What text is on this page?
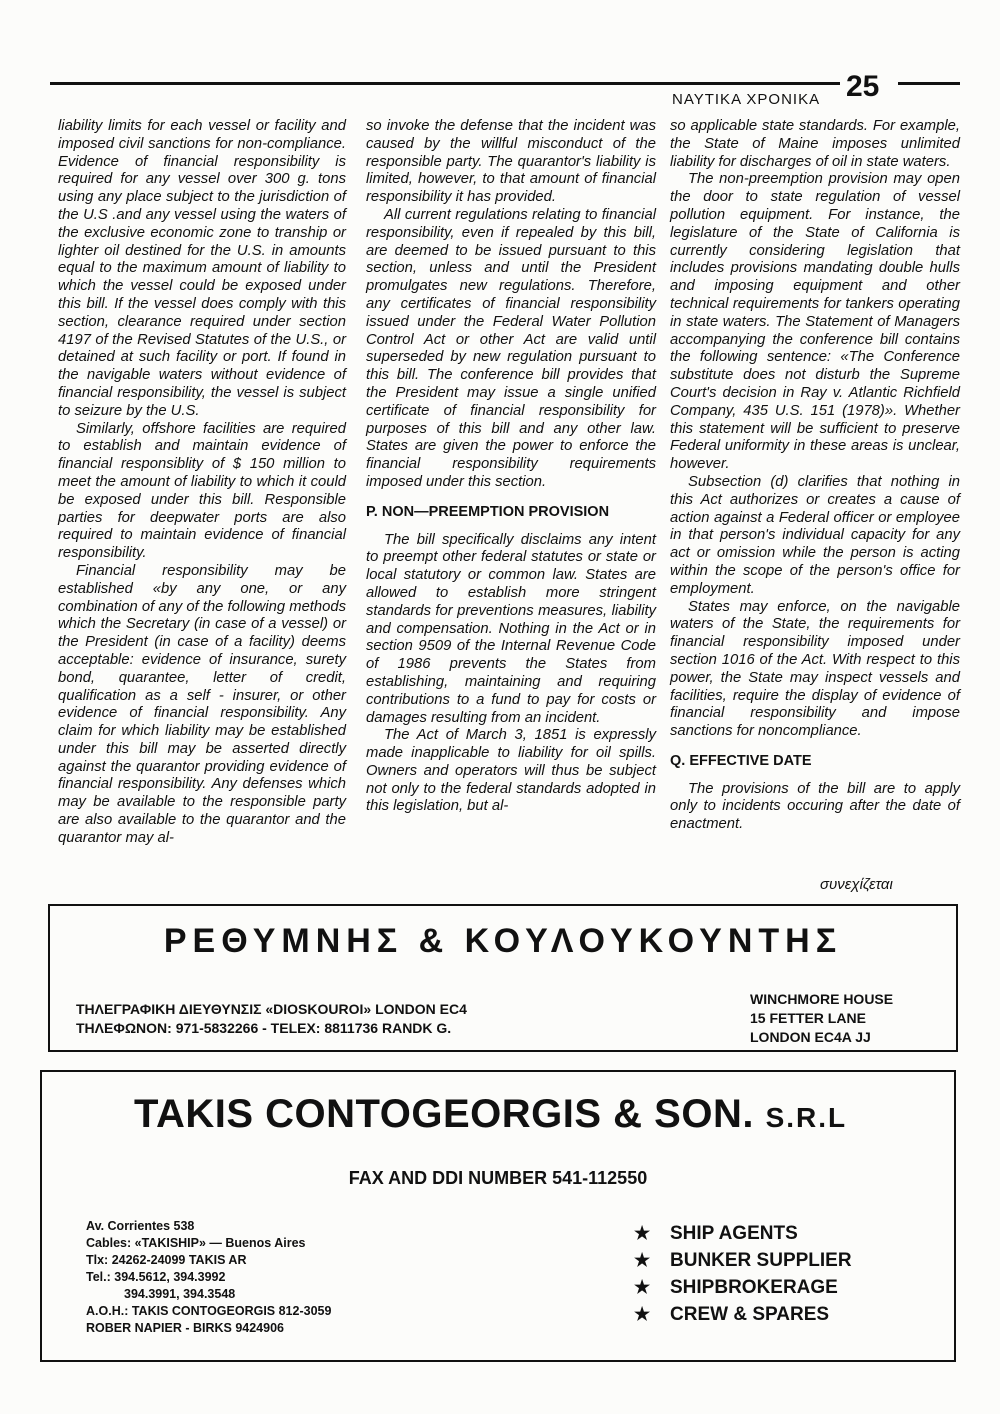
ΝΑΥΤΙΚΑ ΧΡΟΝΙΚΑ 25

liability limits for each vessel or facility and imposed civil sanctions for non-compliance. Evidence of financial responsibility is required for any vessel over 300 g. tons using any place subject to the jurisdiction of the U.S .and any vessel using the waters of the exclusive economic zone to tranship or lighter oil destined for the U.S. in amounts equal to the maximum amount of liability to which the vessel could be exposed under this bill. If the vessel does comply with this section, clearance required under section 4197 of the Revised Statutes of the U.S., or detained at such facility or port. If found in the navigable waters without evidence of financial responsibility, the vessel is subject to seizure by the U.S.

Similarly, offshore facilities are required to establish and maintain evidence of financial responsiblity of $ 150 million to meet the amount of liability to which it could be exposed under this bill. Responsible parties for deepwater ports are also required to maintain evidence of financial responsibility.

Financial responsibility may be established «by any one, or any combination of any of the following methods which the Secretary (in case of a vessel) or the President (in case of a facility) deems acceptable: evidence of insurance, surety bond, quarantee, letter of credit, qualification as a self - insurer, or other evidence of financial responsibility. Any claim for which liability may be established under this bill may be asserted directly against the quarantor providing evidence of financial responsibility. Any defenses which may be available to the responsible party are also available to the quarantor and the quarantor may al-

so invoke the defense that the incident was caused by the willful misconduct of the responsible party. The quarantor's liability is limited, however, to that amount of financial responsibility it has provided.

All current regulations relating to financial responsibility, even if repealed by this bill, are deemed to be issued pursuant to this section, unless and until the President promulgates new regulations. Therefore, any certificates of financial responsibility issued under the Federal Water Pollution Control Act or other Act are valid until superseded by new regulation pursuant to this bill. The conference bill provides that the President may issue a single unified certificate of financial responsibility for purposes of this bill and any other law. States are given the power to enforce the financial responsibility requirements imposed under this section.

P. NON—PREEMPTION PROVISION

The bill specifically disclaims any intent to preempt other federal statutes or state or local statutory or common law. States are allowed to establish more stringent standards for preventions measures, liability and compensation. Nothing in the Act or in section 9509 of the Internal Revenue Code of 1986 prevents the States from establishing, maintaining and requiring contributions to a fund to pay for costs or damages resulting from an incident.

The Act of March 3, 1851 is expressly made inapplicable to liability for oil spills. Owners and operators will thus be subject not only to the federal standards adopted in this legislation, but al-

so applicable state standards. For example, the State of Maine imposes unlimited liability for discharges of oil in state waters.

The non-preemption provision may open the door to state regulation of vessel pollution equipment. For instance, the legislature of the State of California is currently considering legislation that includes provisions mandating double hulls and imposing equipment and other technical requirements for tankers operating in state waters. The Statement of Managers accompanying the conference bill contains the following sentence: «The Conference substitute does not disturb the Supreme Court's decision in Ray v. Atlantic Richfield Company, 435 U.S. 151 (1978)». Whether this statement will be sufficient to preserve Federal uniformity in these areas is unclear, however.

Subsection (d) clarifies that nothing in this Act authorizes or creates a cause of action against a Federal officer or employee in that person's individual capacity for any act or omission while the person is acting within the scope of the person's office for employment.

States may enforce, on the navigable waters of the State, the requirements for financial responsibility imposed under section 1016 of the Act. With respect to this power, the State may inspect vessels and facilities, require the display of evidence of financial responsibility and impose sanctions for noncompliance.

Q. EFFECTIVE DATE

The provisions of the bill are to apply only to incidents occuring after the date of enactment.

συνεχίζεται
ΡΕΘΥΜΝΗΣ & ΚΟΥΛΟΥΚΟΥΝΤΗΣ
ΤΗΛΕΓΡΑΦΙΚΗ ΔΙΕΥΘΥΝΣΙΣ «DIOSKOUROI» LONDON EC4
ΤΗΛΕΦΩΝΟΝ: 971-5832266 - TELEX: 8811736 RANDK G.
WINCHMORE HOUSE
15 FETTER LANE
LONDON EC4A JJ
TAKIS CONTOGEORGIS & SON. S.R.L
FAX AND DDI NUMBER 541-112550
Av. Corrientes 538
Cables: «TAKISHIP» — Buenos Aires
Tlx: 24262-24099 TAKIS AR
Tel.: 394.5612, 394.3992
394.3991, 394.3548
A.O.H.: TAKIS CONTOGEORGIS 812-3059
ROBER NAPIER - BIRKS 9424906
★ SHIP AGENTS
★ BUNKER SUPPLIER
★ SHIPBROKERAGE
★ CREW & SPARES
